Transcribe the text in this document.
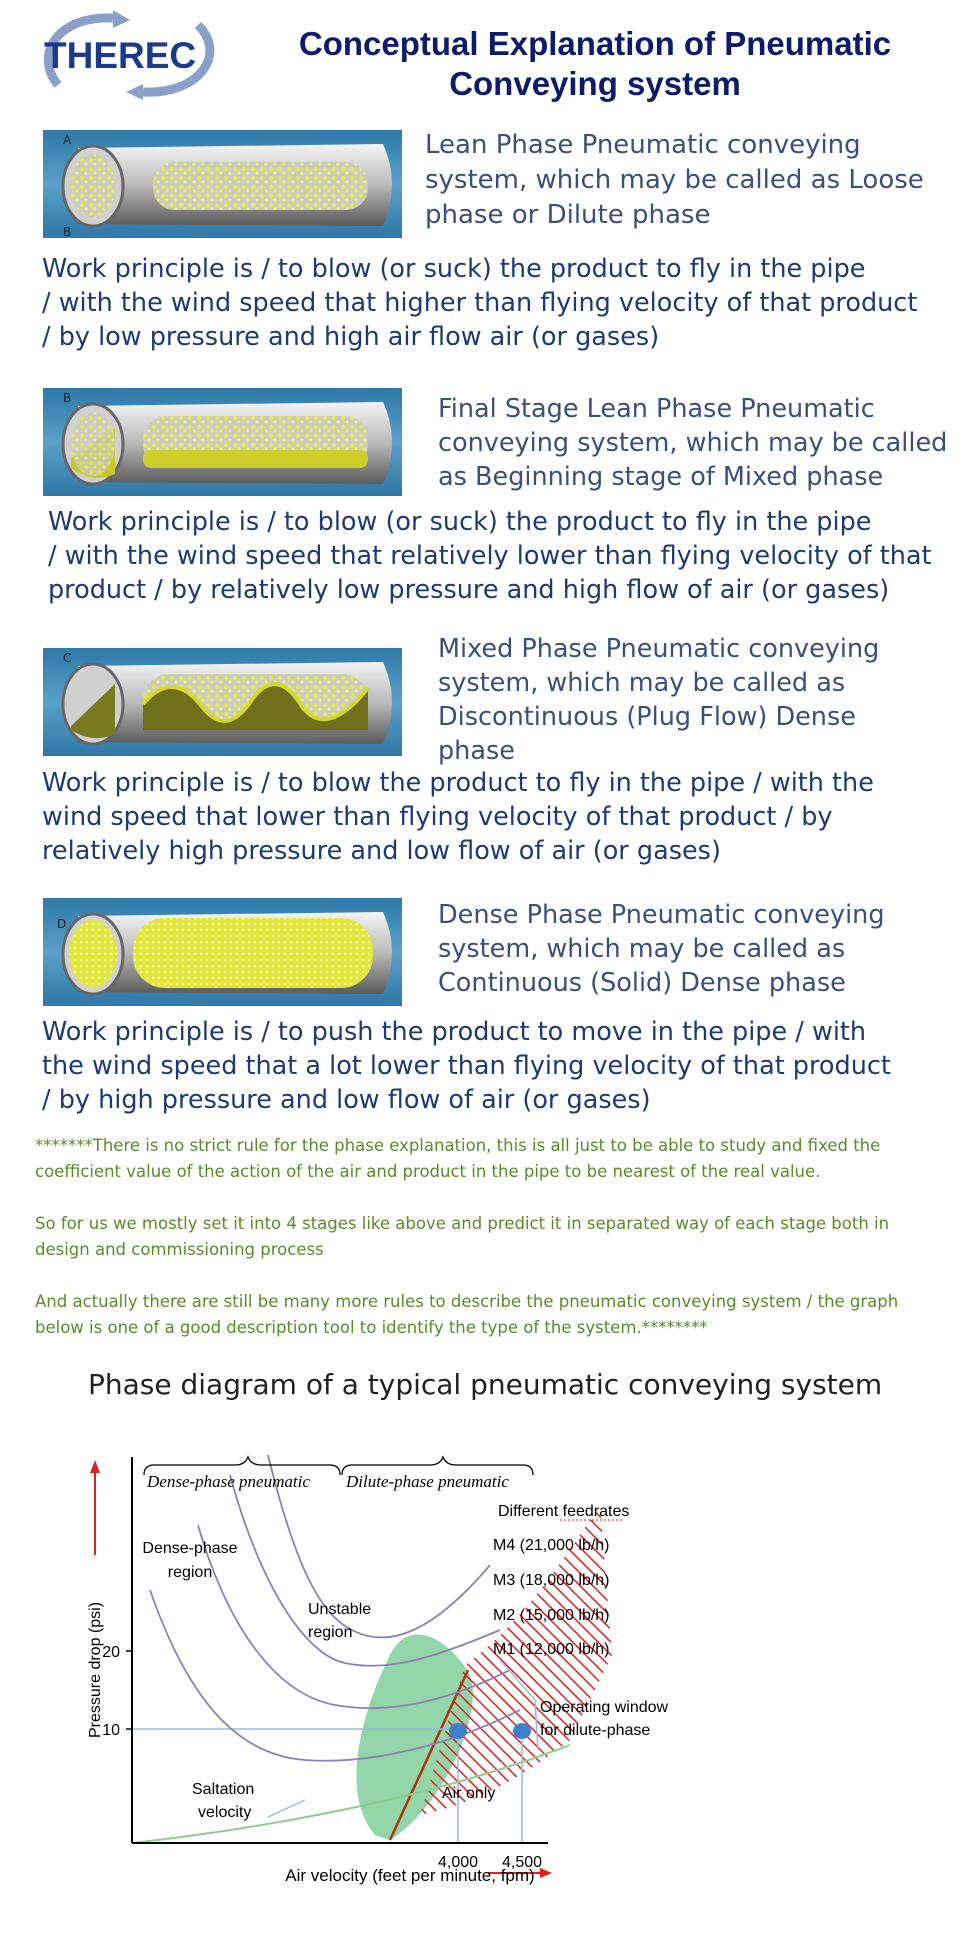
THEREC	Conceptual Explanation of Pneumatic
Conveying system
A
B
Lean Phase Pneumatic conveying
system, which may be called as Loose
phase or Dilute phase
Work principle is / to blow (or suck) the product to fly in the pipe
/ with the wind speed that higher than flying velocity of that product
/ by low pressure and high air flow air (or gases)
B	Final Stage Lean Phase Pneumatic
conveying system, which may be called
as Beginning stage of Mixed phase
Work principle is / to blow (or suck) the product to fly in the pipe
/ with the wind speed that relatively lower than flying velocity of that
product / by relatively low pressure and high flow of air (or gases)
C	Mixed Phase Pneumatic conveying
system, which may be called as
Discontinuous (Plug Flow) Dense
phase
Work principle is / to blow the product to fly in the pipe / with the
wind speed that lower than flying velocity of that product / by
relatively high pressure and low flow of air (or gases)
D	Dense Phase Pneumatic conveying
system, which may be called as
Continuous (Solid) Dense phase
Work principle is / to push the product to move in the pipe / with
the wind speed that a lot lower than flying velocity of that product
/ by high pressure and low flow of air (or gases)
*******There is no strict rule for the phase explanation, this is all just to be able to study and fixed the
coefficient value of the action of the air and product in the pipe to be nearest of the real value.
So for us we mostly set it into 4 stages like above and predict it in separated way of each stage both in
design and commissioning process
And actually there are still be many more rules to describe the pneumatic conveying system / the graph
below is one of a good description tool to identify the type of the system.********
Phase diagram of a typical pneumatic conveying system
Dense-phase pneumatic Dilute-phase pneumatic
Dense-phase
region
Unstable
region
Saltation
velocity
Air only
Operating window
for dilute-phase
Different feedrates
M4 (21,000 lb/h)
M3 (18,000 lb/h)
M2 (15,000 lb/h)
M1 (12,000 lb/h)
20
10
4,000 4,500
Pressure drop (psi)
Air velocity (feet per minute, fpm)
